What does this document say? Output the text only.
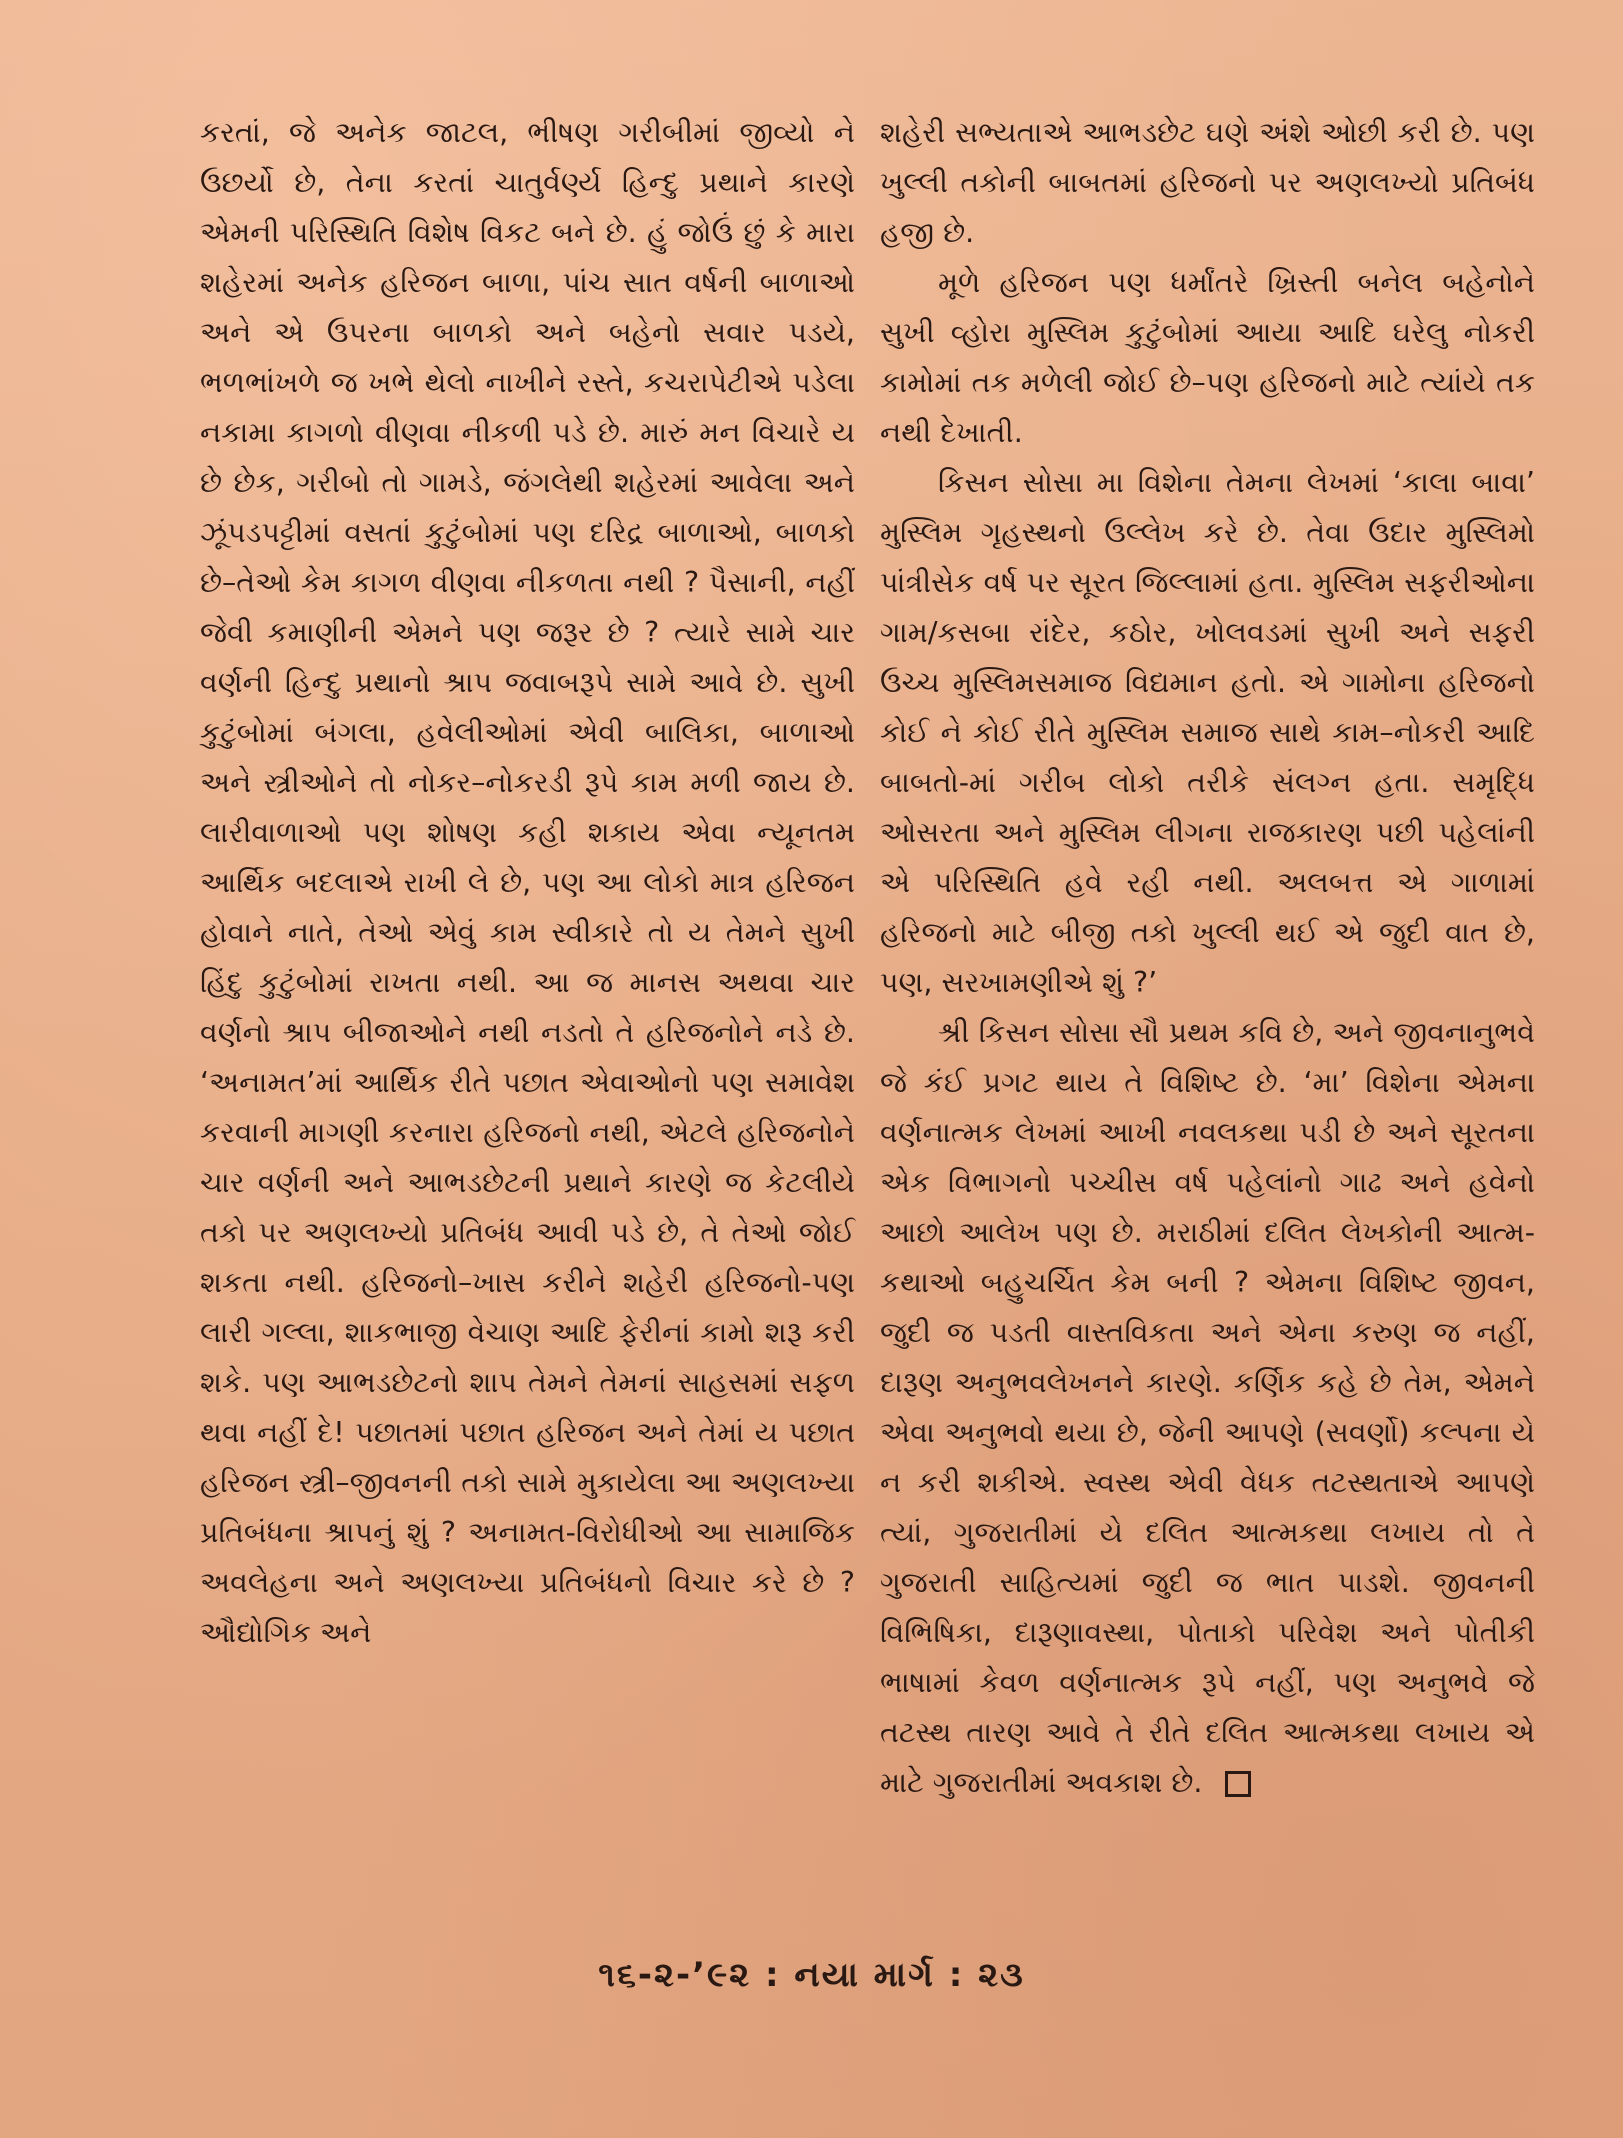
કરતાં, જે અનેક જાટલ, ભીષણ ગરીબીમાં જીવ્યો ને ઉછર્યો છે, તેના કરતાં ચાતુર્વર્ણ્ય હિન્દુ પ્રથાને કારણે એમની પરિસ્થિતિ વિશેષ વિકટ બને છે. હું જોઉં છું કે મારા શહેરમાં અનેક હરિજન બાળા, પાંચ સાત વર્ષની બાળાઓ અને એ ઉપરના બાળકો અને બહેનો સવાર પડયે, ભળભાંખળે જ ખભે થેલો નાખીને રસ્તે, કચરાપેટીએ પડેલા નકામા કાગળો વીણવા નીકળી પડે છે. મારું મન વિચારે ય છે છેક, ગરીબો તો ગામડે, જંગલેથી શહેરમાં આવેલા અને ઝૂંપડપટ્ટીમાં વસતાં કુટુંબોમાં પણ દરિદ્ર બાળાઓ, બાળકો છે–તેઓ કેમ કાગળ વીણવા નીકળતા નથી ? પૈસાની, નહીં જેવી કમાણીની એમને પણ જરૂર છે ? ત્યારે સામે ચાર વર્ણની હિન્દુ પ્રથાનો શ્રાપ જવાબરૂપે સામે આવે છે. સુખી કુટુંબોમાં બંગલા, હવેલીઓમાં એવી બાલિકા, બાળાઓ અને સ્ત્રીઓને તો નોકર–નોકરડી રૂપે કામ મળી જાય છે. લારીવાળાઓ પણ શોષણ કહી શકાય એવા ન્યૂનતમ આર્થિક બદલાએ રાખી લે છે, પણ આ લોકો માત્ર હરિજન હોવાને નાતે, તેઓ એવું કામ સ્વીકારે તો ય તેમને સુખી હિંદુ કુટુંબોમાં રાખતા નથી. આ જ માનસ અથવા ચાર વર્ણનો શ્રાપ બીજાઓને નથી નડતો તે હરિજનોને નડે છે. ‘અનામત’માં આર્થિક રીતે પછાત એવાઓનો પણ સમાવેશ કરવાની માગણી કરનારા હરિજનો નથી, એટલે હરિજનોને ચાર વર્ણની અને આભડછેટની પ્રથાને કારણે જ કેટલીયે તકો પર અણલખ્યો પ્રતિબંધ આવી પડે છે, તે તેઓ જોઈ શકતા નથી. હરિજનો–ખાસ કરીને શહેરી હરિજનો-પણ લારી ગલ્લા, શાકભાજી વેચાણ આદિ ફેરીનાં કામો શરૂ કરી શકે. પણ આભડછેટનો શાપ તેમને તેમનાં સાહસમાં સફળ થવા નહીં દે! પછાતમાં પછાત હરિજન અને તેમાં ય પછાત હરિજન સ્ત્રી–જીવનની તકો સામે મુકાયેલા આ અણલખ્યા પ્રતિબંધના શ્રાપનું શું ? અનામત-વિરોધીઓ આ સામાજિક અવલેહના અને અણલખ્યા પ્રતિબંધનો વિચાર કરે છે ? ઔદ્યોગિક અને

શહેરી સભ્યતાએ આભડછેટ ઘણે અંશે ઓછી કરી છે. પણ ખુલ્લી તકોની બાબતમાં હરિજનો પર અણલખ્યો પ્રતિબંધ હજી છે.

મૂળે હરિજન પણ ધર્માંતરે ખ્રિસ્તી બનેલ બહેનોને સુખી વ્હોરા મુસ્લિમ કુટુંબોમાં આયા આદિ ઘરેલુ નોકરી કામોમાં તક મળેલી જોઈ છે–પણ હરિજનો માટે ત્યાંયે તક નથી દેખાતી.

કિસન સોસા મા વિશેના તેમના લેખમાં ‘કાલા બાવા’ મુસ્લિમ ગૃહસ્થનો ઉલ્લેખ કરે છે. તેવા ઉદાર મુસ્લિમો પાંત્રીસેક વર્ષ પર સૂરત જિલ્લામાં હતા. મુસ્લિમ સફરીઓના ગામ/કસબા રાંદેર, કઠોર, ખોલવડમાં સુખી અને સફરી ઉચ્ચ મુસ્લિમસમાજ વિદ્યમાન હતો. એ ગામોના હરિજનો કોઈ ને કોઈ રીતે મુસ્લિમ સમાજ સાથે કામ–નોકરી આદિ બાબતો-માં ગરીબ લોકો તરીકે સંલગ્ન હતા. સમૃદ્ધિ ઓસરતા અને મુસ્લિમ લીગના રાજકારણ પછી પહેલાંની એ પરિસ્થિતિ હવે રહી નથી. અલબત્ત એ ગાળામાં હરિજનો માટે બીજી તકો ખુલ્લી થઈ એ જુદી વાત છે, પણ, સરખામણીએ શું ?’

શ્રી કિસન સોસા સૌ પ્રથમ કવિ છે, અને જીવનાનુભવે જે કંઈ પ્રગટ થાય તે વિશિષ્ટ છે. ‘મા’ વિશેના એમના વર્ણનાત્મક લેખમાં આખી નવલકથા પડી છે અને સૂરતના એક વિભાગનો પચ્ચીસ વર્ષ પહેલાંનો ગાઢ અને હવેનો આછો આલેખ પણ છે. મરાઠીમાં દલિત લેખકોની આત્મ-કથાઓ બહુચર્ચિત કેમ બની ? એમના વિશિષ્ટ જીવન, જુદી જ પડતી વાસ્તવિકતા અને એના કરુણ જ નહીં, દારૂણ અનુભવલેખનને કારણે. કર્ણિક કહે છે તેમ, એમને એવા અનુભવો થયા છે, જેની આપણે (સવર્ણો) કલ્પના યે ન કરી શકીએ. સ્વસ્થ એવી વેધક તટસ્થતાએ આપણે ત્યાં, ગુજરાતીમાં યે દલિત આત્મકથા લખાય તો તે ગુજરાતી સાહિત્યમાં જુદી જ ભાત પાડશે. જીવનની વિભિષિકા, દારૂણાવસ્થા, પોતાકો પરિવેશ અને પોતીકી ભાષામાં કેવળ વર્ણનાત્મક રૂપે નહીં, પણ અનુભવે જે તટસ્થ તારણ આવે તે રીતે દલિત આત્મકથા લખાય એ માટે ગુજરાતીમાં અવકાશ છે.

૧૬-૨-’૯૨ : નયા માર્ગ : ૨૩
